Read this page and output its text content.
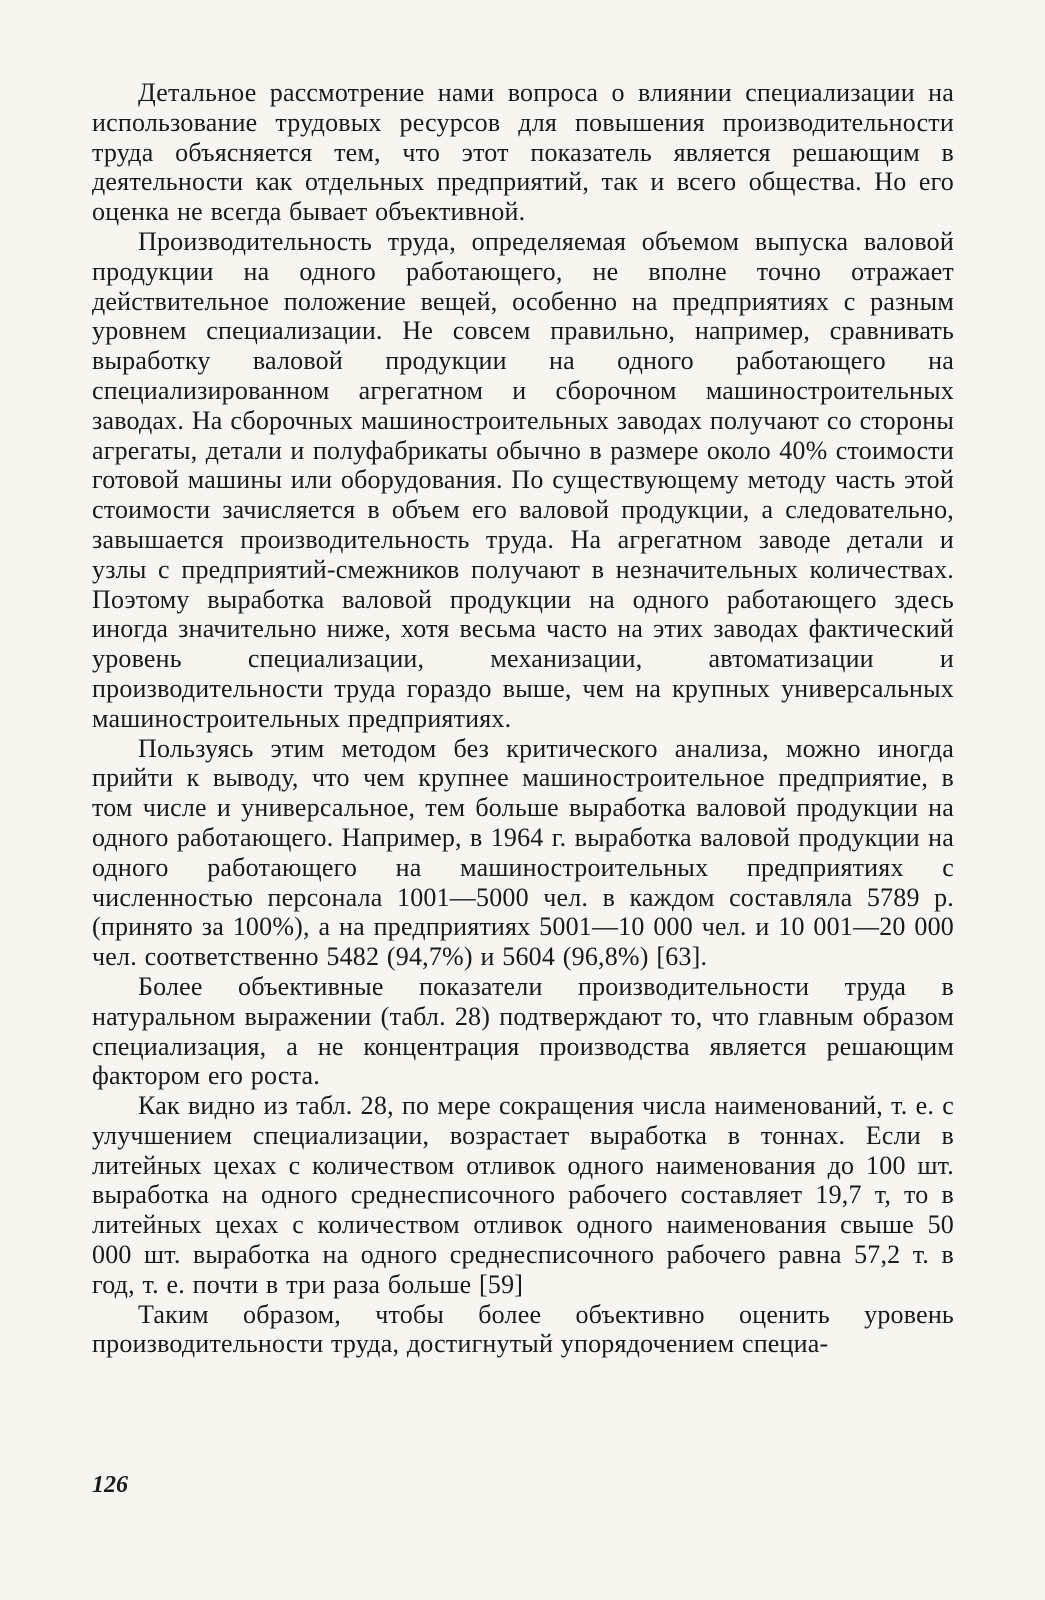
Детальное рассмотрение нами вопроса о влиянии специализации на использование трудовых ресурсов для повышения производительности труда объясняется тем, что этот показатель является решающим в деятельности как отдельных предприятий, так и всего общества. Но его оценка не всегда бывает объективной.

Производительность труда, определяемая объемом выпуска валовой продукции на одного работающего, не вполне точно отражает действительное положение вещей, особенно на предприятиях с разным уровнем специализации. Не совсем правильно, например, сравнивать выработку валовой продукции на одного работающего на специализированном агрегатном и сборочном машиностроительных заводах. На сборочных машиностроительных заводах получают со стороны агрегаты, детали и полуфабрикаты обычно в размере около 40% стоимости готовой машины или оборудования. По существующему методу часть этой стоимости зачисляется в объем его валовой продукции, а следовательно, завышается производительность труда. На агрегатном заводе детали и узлы с предприятий-смежников получают в незначительных количествах. Поэтому выработка валовой продукции на одного работающего здесь иногда значительно ниже, хотя весьма часто на этих заводах фактический уровень специализации, механизации, автоматизации и производительности труда гораздо выше, чем на крупных универсальных машиностроительных предприятиях.

Пользуясь этим методом без критического анализа, можно иногда прийти к выводу, что чем крупнее машиностроительное предприятие, в том числе и универсальное, тем больше выработка валовой продукции на одного работающего. Например, в 1964 г. выработка валовой продукции на одного работающего на машиностроительных предприятиях с численностью персонала 1001—5000 чел. в каждом составляла 5789 р. (принято за 100%), а на предприятиях 5001—10 000 чел. и 10 001—20 000 чел. соответственно 5482 (94,7%) и 5604 (96,8%) [63].

Более объективные показатели производительности труда в натуральном выражении (табл. 28) подтверждают то, что главным образом специализация, а не концентрация производства является решающим фактором его роста.

Как видно из табл. 28, по мере сокращения числа наименований, т. е. с улучшением специализации, возрастает выработка в тоннах. Если в литейных цехах с количеством отливок одного наименования до 100 шт. выработка на одного среднесписочного рабочего составляет 19,7 т, то в литейных цехах с количеством отливок одного наименования свыше 50 000 шт. выработка на одного среднесписочного рабочего равна 57,2 т. в год, т. е. почти в три раза больше [59]

Таким образом, чтобы более объективно оценить уровень производительности труда, достигнутый упорядочением специа-

126
